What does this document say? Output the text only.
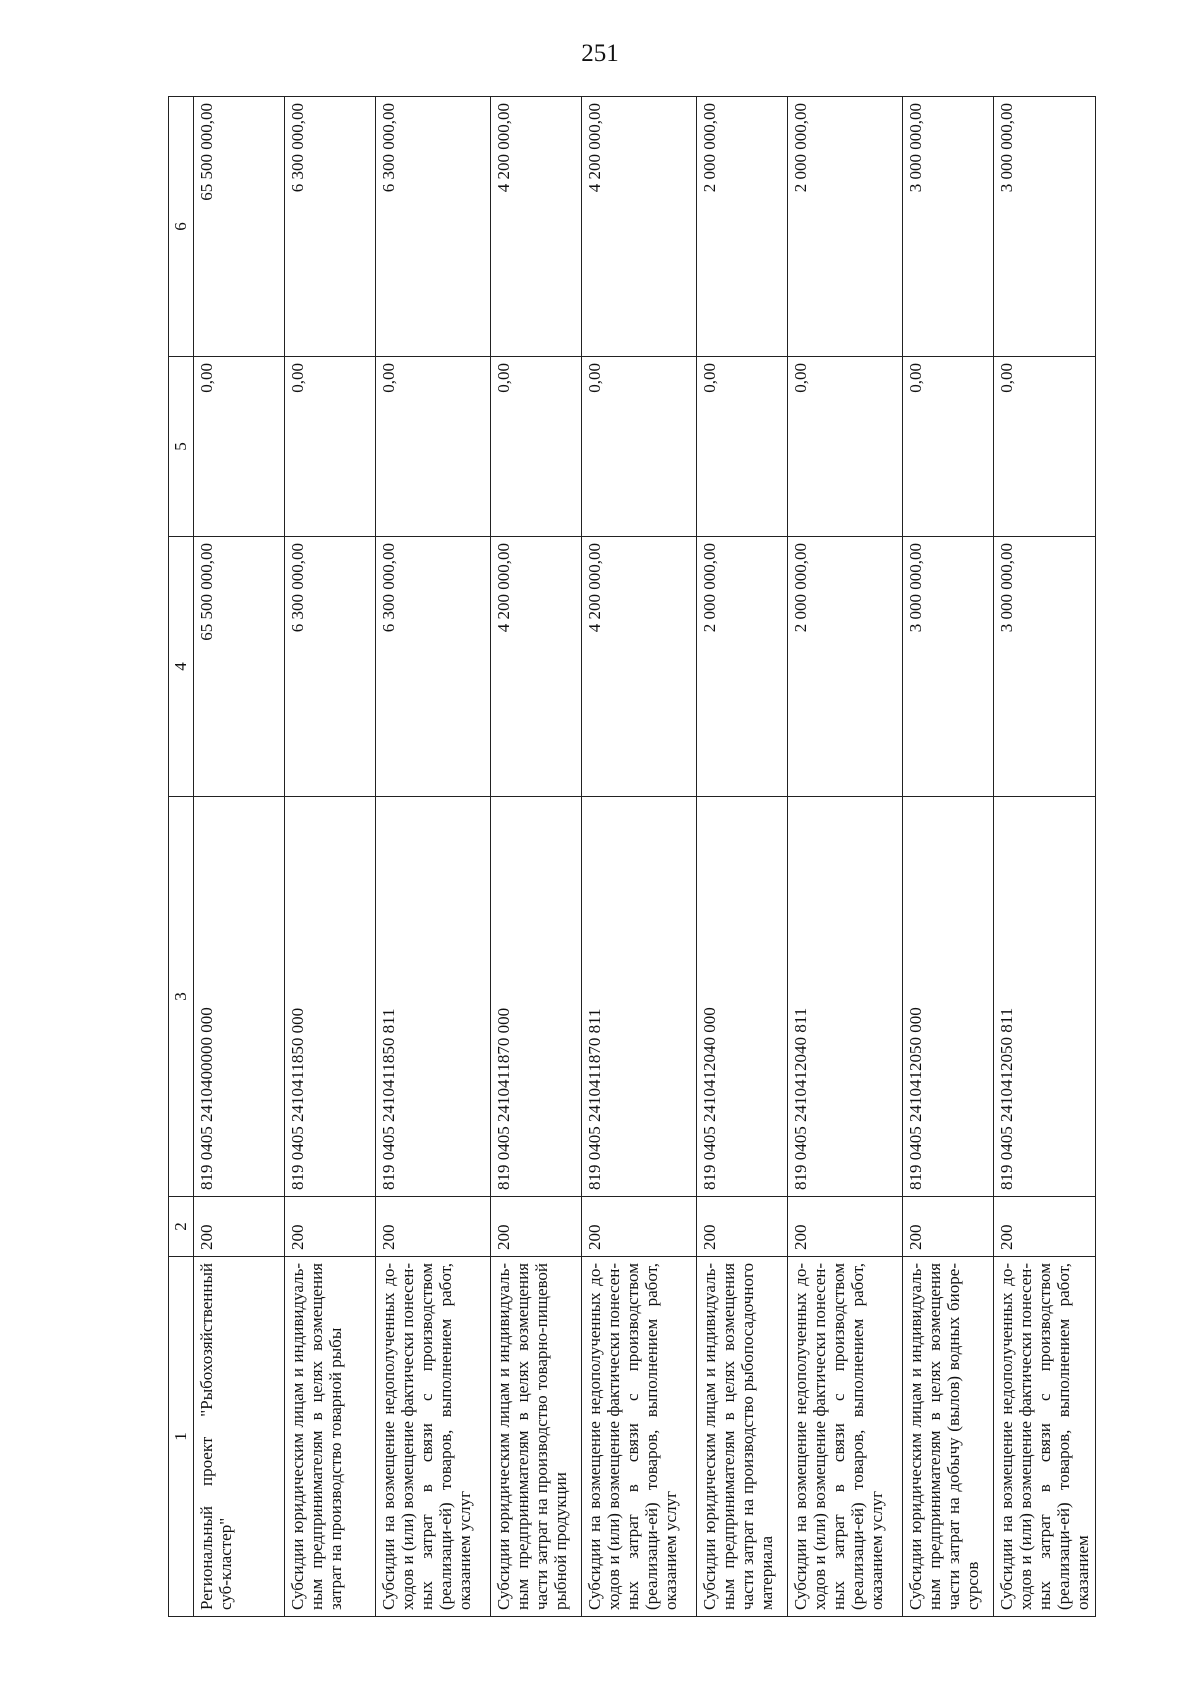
251
1	2	3	4	5	6
Региональный проект "Рыбохозяйственный суб-кластер"	200	819 0405 2410400000 000	65 500 000,00	0,00	65 500 000,00
Субсидии юридическим лицам и индивидуаль-ным предпринимателям в целях возмещения затрат на производство товарной рыбы	200	819 0405 2410411850 000	6 300 000,00	0,00	6 300 000,00
Субсидии на возмещение недополученных до-ходов и (или) возмещение фактически понесен-ных затрат в связи с производством (реализаци-ей) товаров, выполнением работ, оказанием услуг	200	819 0405 2410411850 811	6 300 000,00	0,00	6 300 000,00
Субсидии юридическим лицам и индивидуаль-ным предпринимателям в целях возмещения части затрат на производство товарно-пищевой рыбной продукции	200	819 0405 2410411870 000	4 200 000,00	0,00	4 200 000,00
Субсидии на возмещение недополученных до-ходов и (или) возмещение фактически понесен-ных затрат в связи с производством (реализаци-ей) товаров, выполнением работ, оказанием услуг	200	819 0405 2410411870 811	4 200 000,00	0,00	4 200 000,00
Субсидии юридическим лицам и индивидуаль-ным предпринимателям в целях возмещения части затрат на производство рыбопосадочного материала	200	819 0405 2410412040 000	2 000 000,00	0,00	2 000 000,00
Субсидии на возмещение недополученных до-ходов и (или) возмещение фактически понесен-ных затрат в связи с производством (реализаци-ей) товаров, выполнением работ, оказанием услуг	200	819 0405 2410412040 811	2 000 000,00	0,00	2 000 000,00
Субсидии юридическим лицам и индивидуаль-ным предпринимателям в целях возмещения части затрат на добычу (вылов) водных биоре-сурсов	200	819 0405 2410412050 000	3 000 000,00	0,00	3 000 000,00
Субсидии на возмещение недополученных до-ходов и (или) возмещение фактически понесен-ных затрат в связи с производством (реализаци-ей) товаров, выполнением работ, оказанием	200	819 0405 2410412050 811	3 000 000,00	0,00	3 000 000,00
